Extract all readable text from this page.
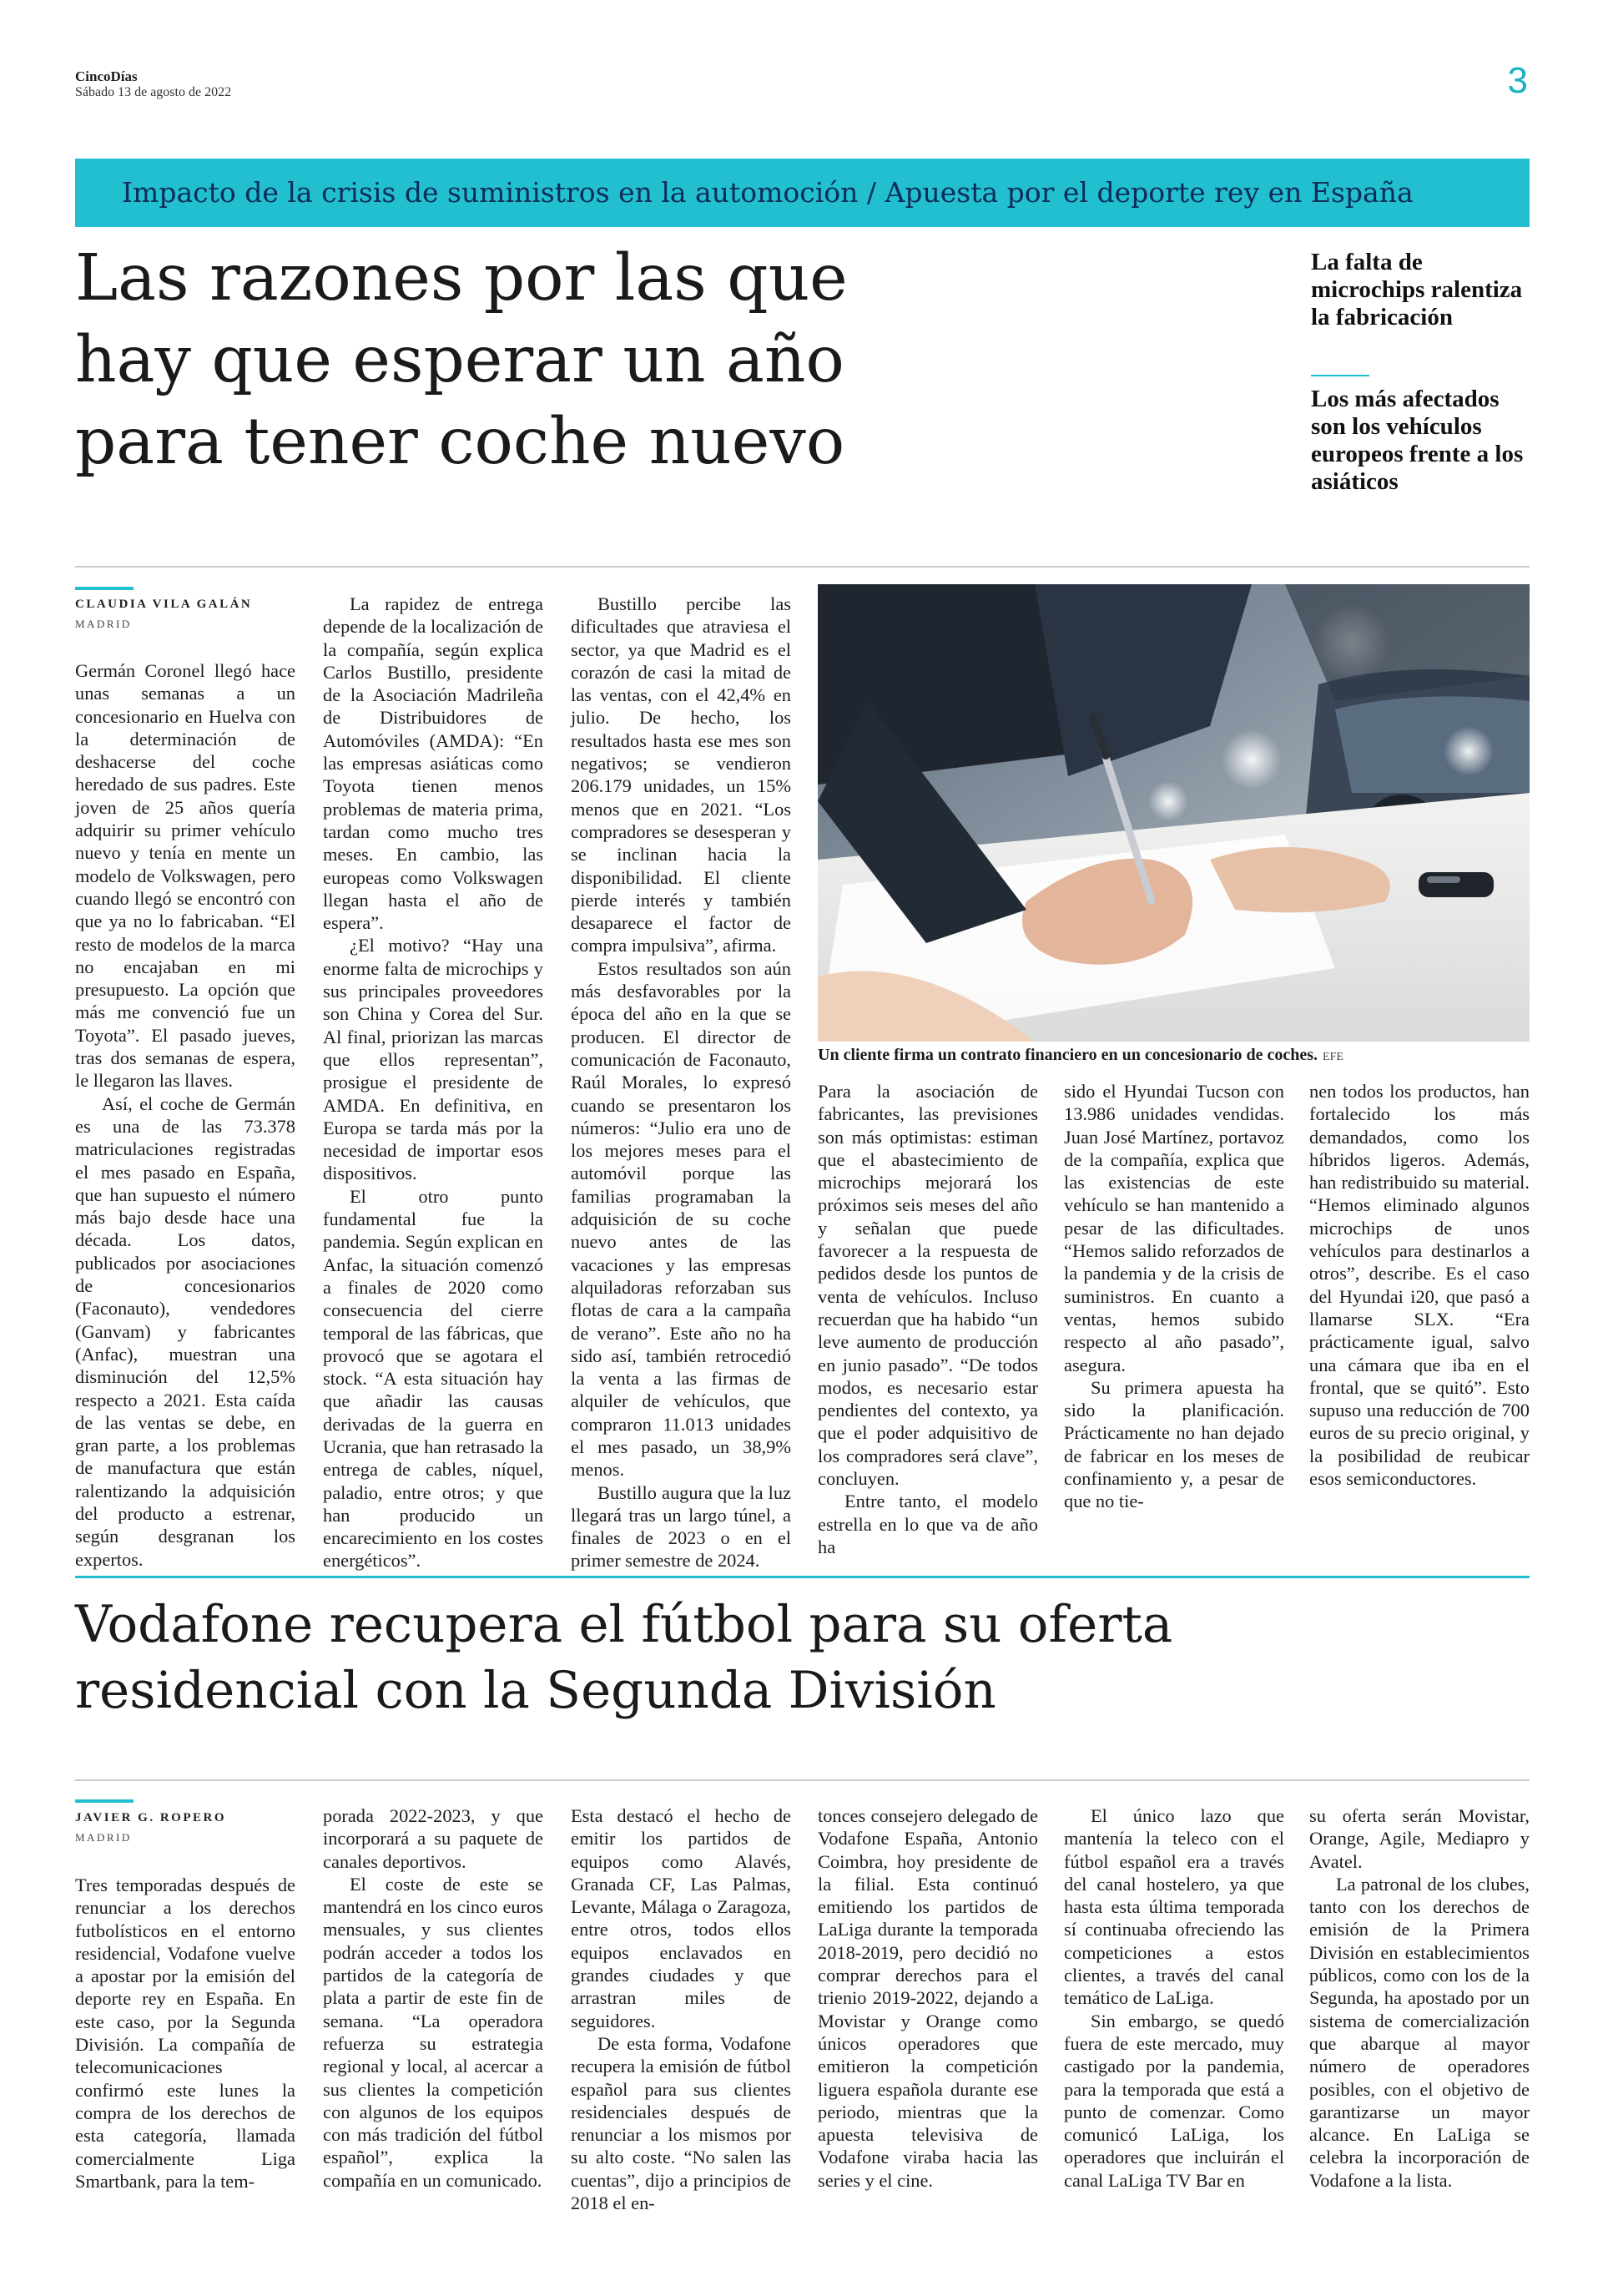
CincoDías
Sábado 13 de agosto de 2022	3
Impacto de la crisis de suministros en la automoción / Apuesta por el deporte rey en España
Las razones por las que
hay que esperar un año
para tener coche nuevo
La falta de microchips ralentiza la fabricación
Los más afectados son los vehículos europeos frente a los asiáticos
CLAUDIA VILA GALÁN
MADRID

Germán Coronel llegó hace unas semanas a un concesionario en Huelva con la determinación de deshacerse del coche heredado de sus padres. Este joven de 25 años quería adquirir su primer vehículo nuevo y tenía en mente un modelo de Volkswagen, pero cuando llegó se encontró con que ya no lo fabricaban. “El resto de modelos de la marca no encajaban en mi presupuesto. La opción que más me convenció fue un Toyota”. El pasado jueves, tras dos semanas de espera, le llegaron las llaves.

Así, el coche de Germán es una de las 73.378 matriculaciones registradas el mes pasado en España, que han supuesto el número más bajo desde hace una década. Los datos, publicados por asociaciones de concesionarios (Faconauto), vendedores (Ganvam) y fabricantes (Anfac), muestran una disminución del 12,5% respecto a 2021. Esta caída de las ventas se debe, en gran parte, a los problemas de manufactura que están ralentizando la adquisición del producto a estrenar, según desgranan los expertos.

La rapidez de entrega depende de la localización de la compañía, según explica Carlos Bustillo, presidente de la Asociación Madrileña de Distribuidores de Automóviles (AMDA): “En las empresas asiáticas como Toyota tienen menos problemas de materia prima, tardan como mucho tres meses. En cambio, las europeas como Volkswagen llegan hasta el año de espera”.

¿El motivo? “Hay una enorme falta de microchips y sus principales proveedores son China y Corea del Sur. Al final, priorizan las marcas que ellos representan”, prosigue el presidente de AMDA. En definitiva, en Europa se tarda más por la necesidad de importar esos dispositivos.

El otro punto fundamental fue la pandemia. Según explican en Anfac, la situación comenzó a finales de 2020 como consecuencia del cierre temporal de las fábricas, que provocó que se agotara el stock. “A esta situación hay que añadir las causas derivadas de la guerra en Ucrania, que han retrasado la entrega de cables, níquel, paladio, entre otros; y que han producido un encarecimiento en los costes energéticos”.

Bustillo percibe las dificultades que atraviesa el sector, ya que Madrid es el corazón de casi la mitad de las ventas, con el 42,4% en julio. De hecho, los resultados hasta ese mes son negativos; se vendieron 206.179 unidades, un 15% menos que en 2021. “Los compradores se desesperan y se inclinan hacia la disponibilidad. El cliente pierde interés y también desaparece el factor de compra impulsiva”, afirma.

Estos resultados son aún más desfavorables por la época del año en la que se producen. El director de comunicación de Faconauto, Raúl Morales, lo expresó cuando se presentaron los números: “Julio era uno de los mejores meses para el automóvil porque las familias programaban la adquisición de su coche nuevo antes de las vacaciones y las empresas alquiladoras reforzaban sus flotas de cara a la campaña de verano”. Este año no ha sido así, también retrocedió la venta a las firmas de alquiler de vehículos, que compraron 11.013 unidades el mes pasado, un 38,9% menos.

Bustillo augura que la luz llegará tras un largo túnel, a finales de 2023 o en el primer semestre de 2024.

Un cliente firma un contrato financiero en un concesionario de coches. EFE

Para la asociación de fabricantes, las previsiones son más optimistas: estiman que el abastecimiento de microchips mejorará los próximos seis meses del año y señalan que puede favorecer a la respuesta de pedidos desde los puntos de venta de vehículos. Incluso recuerdan que ha habido “un leve aumento de producción en junio pasado”. “De todos modos, es necesario estar pendientes del contexto, ya que el poder adquisitivo de los compradores será clave”, concluyen.

Entre tanto, el modelo estrella en lo que va de año ha

sido el Hyundai Tucson con 13.986 unidades vendidas. Juan José Martínez, portavoz de la compañía, explica que las existencias de este vehículo se han mantenido a pesar de las dificultades. “Hemos salido reforzados de la pandemia y de la crisis de suministros. En cuanto a ventas, hemos subido respecto al año pasado”, asegura.

Su primera apuesta ha sido la planificación. Prácticamente no han dejado de fabricar en los meses de confinamiento y, a pesar de que no tie-

nen todos los productos, han fortalecido los más demandados, como los híbridos ligeros. Además, han redistribuido su material. “Hemos eliminado algunos microchips de unos vehículos para destinarlos a otros”, describe. Es el caso del Hyundai i20, que pasó a llamarse SLX. “Era prácticamente igual, salvo una cámara que iba en el frontal, que se quitó”. Esto supuso una reducción de 700 euros de su precio original, y la posibilidad de reubicar esos semiconductores.

Vodafone recupera el fútbol para su oferta
residencial con la Segunda División
JAVIER G. ROPERO
MADRID

Tres temporadas después de renunciar a los derechos futbolísticos en el entorno residencial, Vodafone vuelve a apostar por la emisión del deporte rey en España. En este caso, por la Segunda División. La compañía de telecomunicaciones confirmó este lunes la compra de los derechos de esta categoría, llamada comercialmente Liga Smartbank, para la tem-

porada 2022-2023, y que incorporará a su paquete de canales deportivos.

El coste de este se mantendrá en los cinco euros mensuales, y sus clientes podrán acceder a todos los partidos de la categoría de plata a partir de este fin de semana. “La operadora refuerza su estrategia regional y local, al acercar a sus clientes la competición con algunos de los equipos con más tradición del fútbol español”, explica la compañía en un comunicado.

Esta destacó el hecho de emitir los partidos de equipos como Alavés, Granada CF, Las Palmas, Levante, Málaga o Zaragoza, entre otros, todos ellos equipos enclavados en grandes ciudades y que arrastran miles de seguidores.

De esta forma, Vodafone recupera la emisión de fútbol español para sus clientes residenciales después de renunciar a los mismos por su alto coste. “No salen las cuentas”, dijo a principios de 2018 el en-

tonces consejero delegado de Vodafone España, Antonio Coimbra, hoy presidente de la filial. Esta continuó emitiendo los partidos de LaLiga durante la temporada 2018-2019, pero decidió no comprar derechos para el trienio 2019-2022, dejando a Movistar y Orange como únicos operadores que emitieron la competición liguera española durante ese periodo, mientras que la apuesta televisiva de Vodafone viraba hacia las series y el cine.

El único lazo que mantenía la teleco con el fútbol español era a través del canal hostelero, ya que hasta esta última temporada sí continuaba ofreciendo las competiciones a estos clientes, a través del canal temático de LaLiga.

Sin embargo, se quedó fuera de este mercado, muy castigado por la pandemia, para la temporada que está a punto de comenzar. Como comunicó LaLiga, los operadores que incluirán el canal LaLiga TV Bar en

su oferta serán Movistar, Orange, Agile, Mediapro y Avatel.

La patronal de los clubes, tanto con los derechos de emisión de la Primera División en establecimientos públicos, como con los de la Segunda, ha apostado por un sistema de comercialización que abarque al mayor número de operadores posibles, con el objetivo de garantizarse un mayor alcance. En LaLiga se celebra la incorporación de Vodafone a la lista.
